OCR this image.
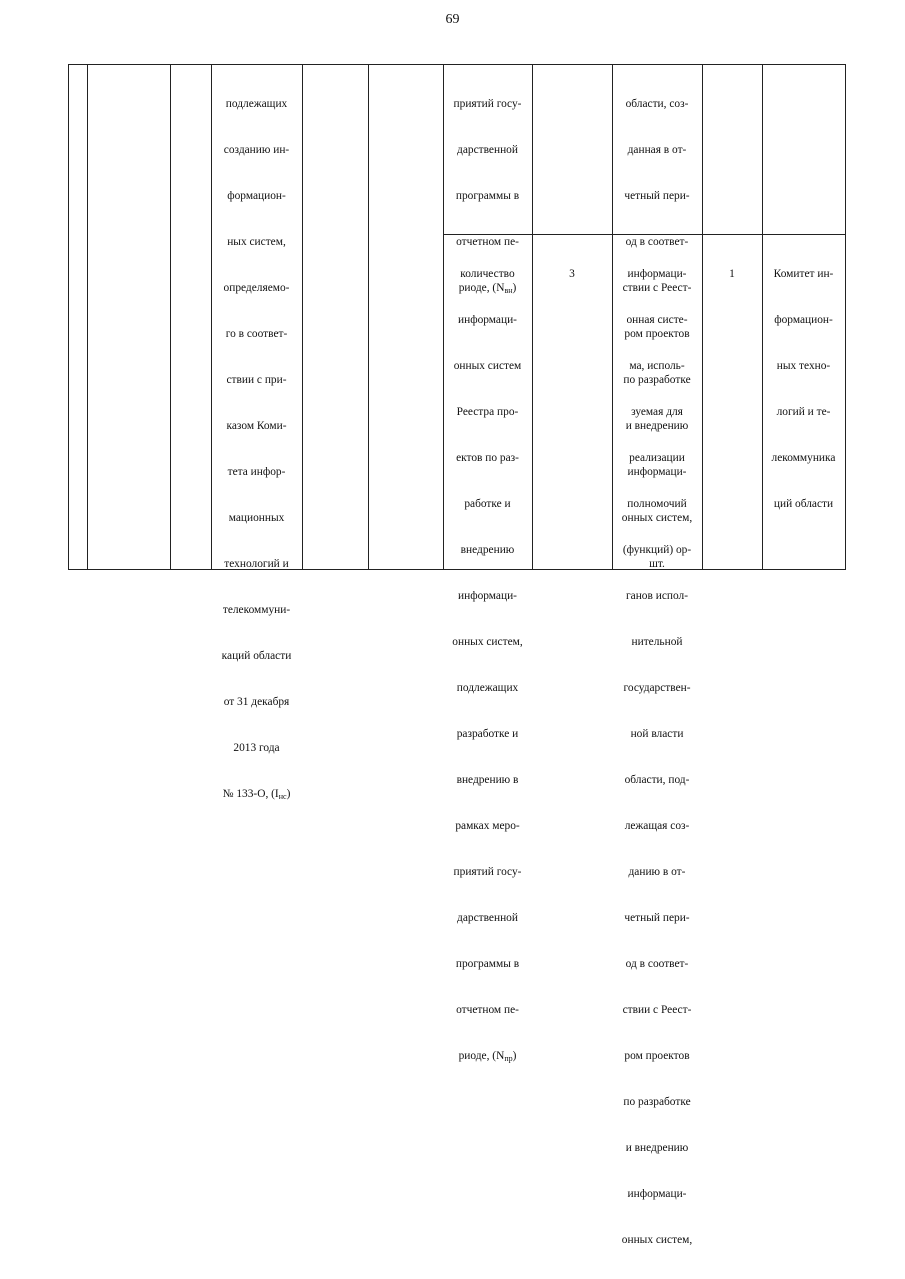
69

подлежащих

созданию ин-

формацион-

ных систем,

определяемо-

го в соответ-

ствии с при-

казом Коми-

тета инфор-

мационных

технологий и

телекоммуни-

каций области

от 31 декабря

2013 года

№ 133-О, $(I_{нс})$

приятий госу-

дарственной

программы в

отчетном пе-

риоде, $(N_{вн})$

области, соз-

данная в от-

четный пери-

од в соответ-

ствии с Реест-

ром проектов

по разработке

и внедрению

информаци-

онных систем,

шт.

количество

информаци-

онных систем

Реестра про-

ектов по раз-

работке и

внедрению

информаци-

онных систем,

подлежащих

разработке и

внедрению в

рамках меро-

приятий госу-

дарственной

программы в

отчетном пе-

риоде, $(N_{пр})$

3

	информаци-

онная систе-

ма, исполь-

зуемая для

реализации

полномочий

(функций) ор-

ганов испол-

нительной

государствен-

ной власти

области, под-

лежащая соз-

данию в от-

четный пери-

од в соответ-

ствии с Реест-

ром проектов

по разработке

и внедрению

информаци-

онных систем,

1

	Комитет ин-

формацион-

ных техно-

логий и те-

лекоммуника

ций области
